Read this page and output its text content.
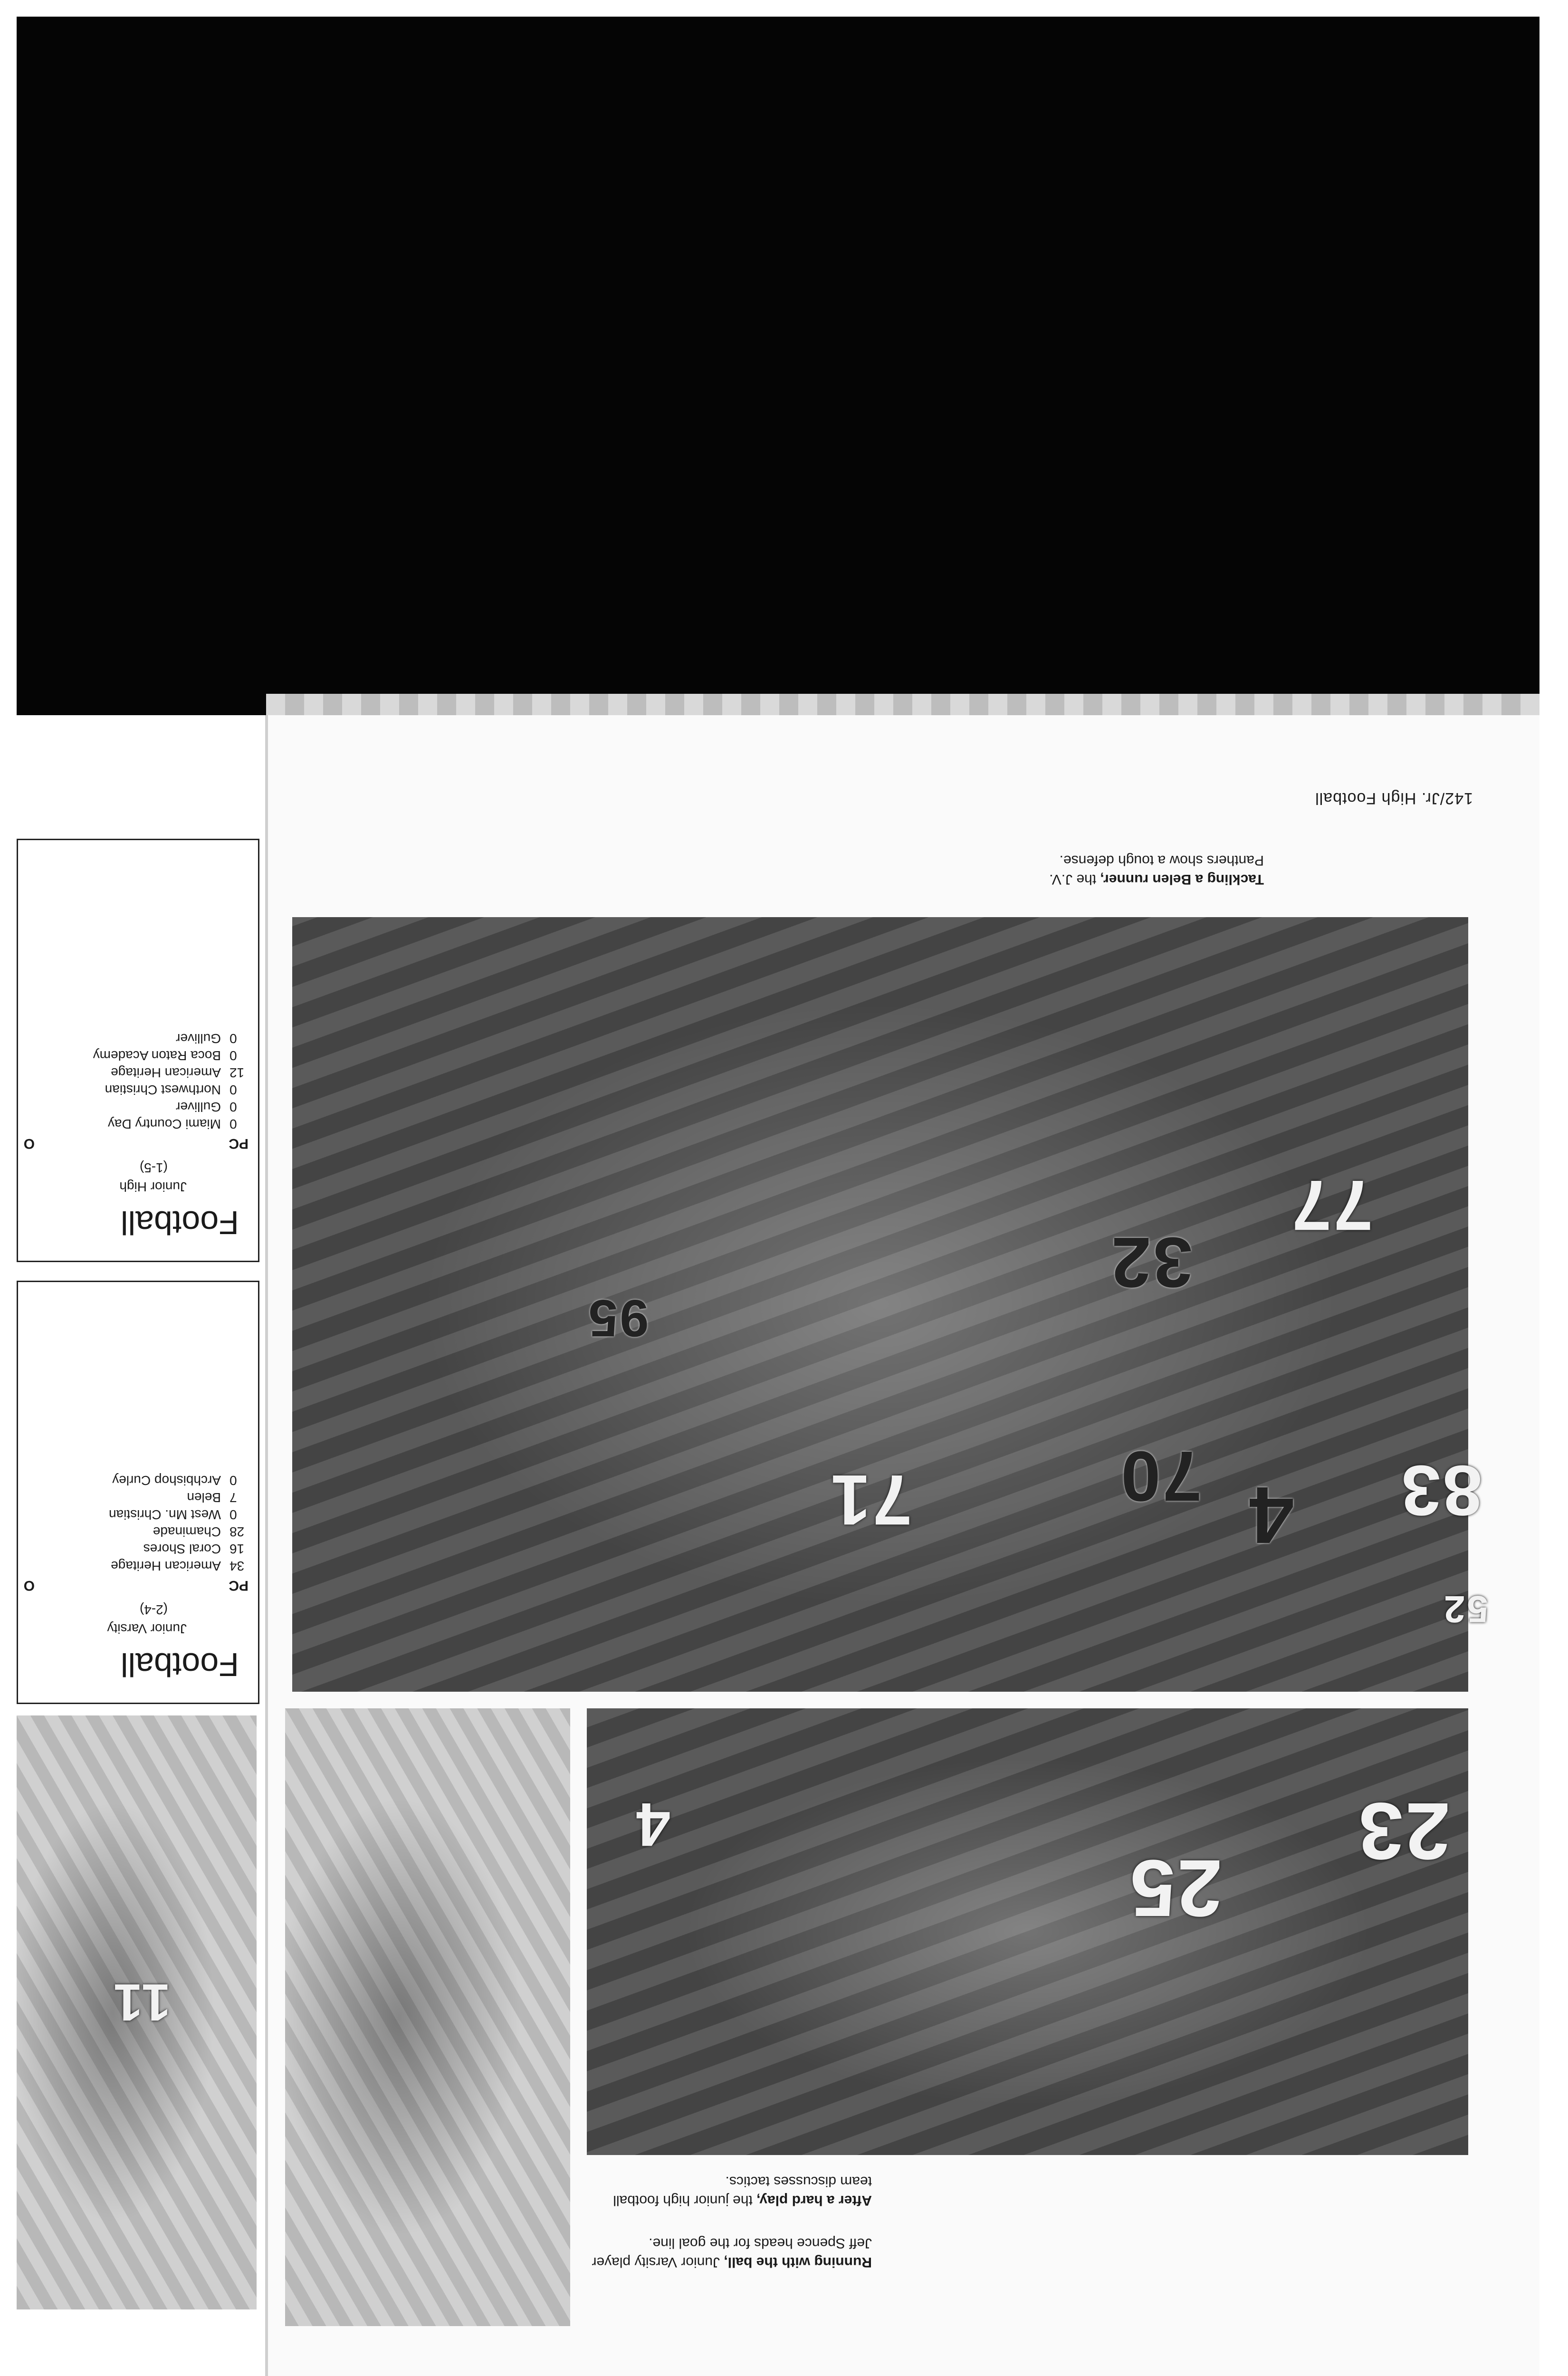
142/Jr. High Football
Tackling a Belen runner, the J.V. Panthers show a tough defense.
77
32
95
71	70 4 83
52
23
25
4
11
Running with the ball, Junior Varsity player Jeff Spence heads for the goal line.
After a hard play, the junior high football team discusses tactics.
Football
Junior High
(1-5)
PC
O
0
Miami Country Day
0
Gulliver
0
Northwest Christian
12
American Heritage
0
Boca Raton Academy
0
Gulliver
Football
Junior Varsity
(2-4)
PC
O
34
American Heritage
16
Coral Shores
28
Chaminade
0
West Mn. Christian
7
Belen
0
Archbishop Curley
